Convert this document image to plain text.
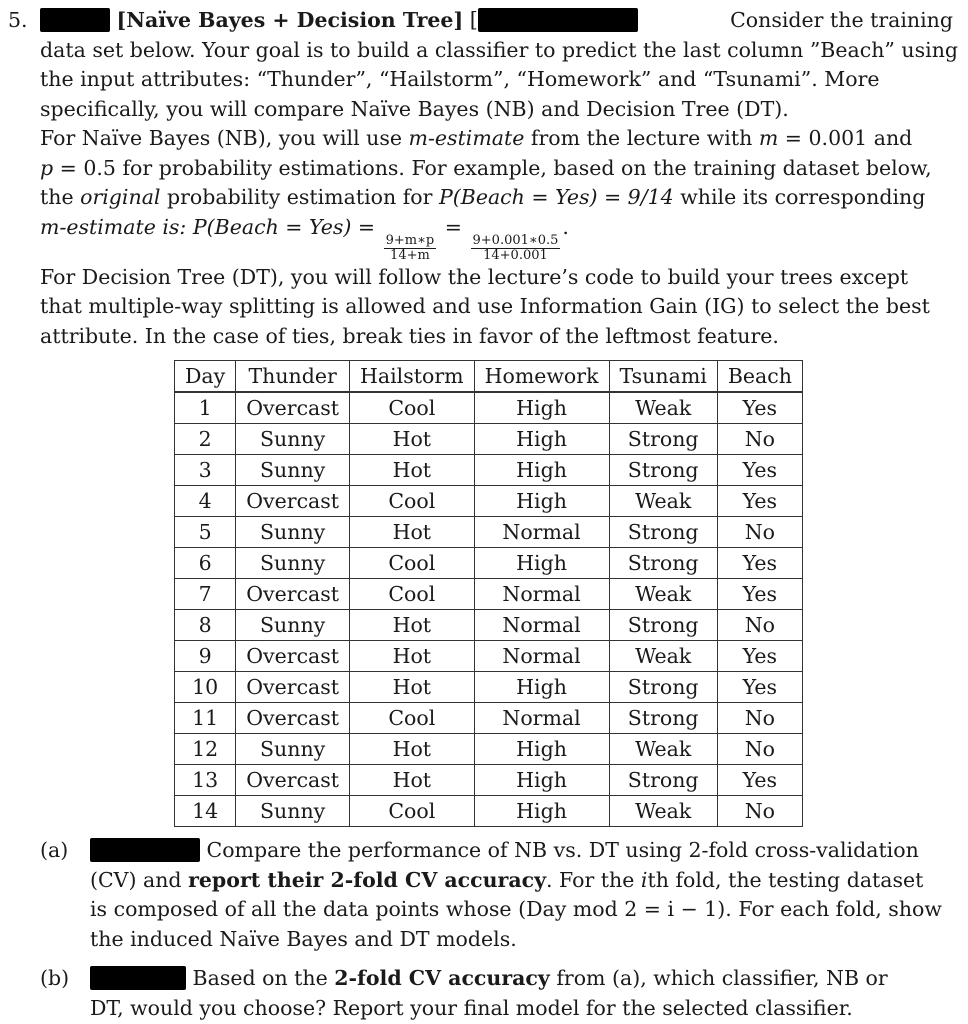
5.	[Naïve Bayes + Decision Tree] [	Consider the training
data set below. Your goal is to build a classifier to predict the last column ”Beach” using
the input attributes: “Thunder”, “Hailstorm”, “Homework” and “Tsunami”. More
specifically, you will compare Naïve Bayes (NB) and Decision Tree (DT).
For Naïve Bayes (NB), you will use m-estimate from the lecture with m = 0.001 and
p = 0.5 for probability estimations. For example, based on the training dataset below,
the original probability estimation for P(Beach = Yes) = 9/14 while its corresponding
m-estimate is: P(Beach = Yes) =
$\frac{9+m∗p}{14+m}$
=
$\frac{9+0.001∗0.5}{14+0.001}$
.
For Decision Tree (DT), you will follow the lecture’s code to build your trees except
that multiple-way splitting is allowed and use Information Gain (IG) to select the best
attribute. In the case of ties, break ties in favor of the leftmost feature.
Day	Thunder	Hailstorm	Homework	Tsunami	Beach
1	Overcast	Cool	High	Weak	Yes
2	Sunny	Hot	High	Strong	No
3	Sunny	Hot	High	Strong	Yes
4	Overcast	Cool	High	Weak	Yes
5	Sunny	Hot	Normal	Strong	No
6	Sunny	Cool	High	Strong	Yes
7	Overcast	Cool	Normal	Weak	Yes
8	Sunny	Hot	Normal	Strong	No
9	Overcast	Hot	Normal	Weak	Yes
10	Overcast	Hot	High	Strong	Yes
11	Overcast	Cool	Normal	Strong	No
12	Sunny	Hot	High	Weak	No
13	Overcast	Hot	High	Strong	Yes
14	Sunny	Cool	High	Weak	No
(a)	Compare the performance of NB vs. DT using 2-fold cross-validation
(CV) and report their 2-fold CV accuracy. For the ith fold, the testing dataset
is composed of all the data points whose (Day mod 2 = i − 1). For each fold, show
the induced Naïve Bayes and DT models.
(b)	Based on the 2-fold CV accuracy from (a), which classifier, NB or
DT, would you choose? Report your final model for the selected classifier.
